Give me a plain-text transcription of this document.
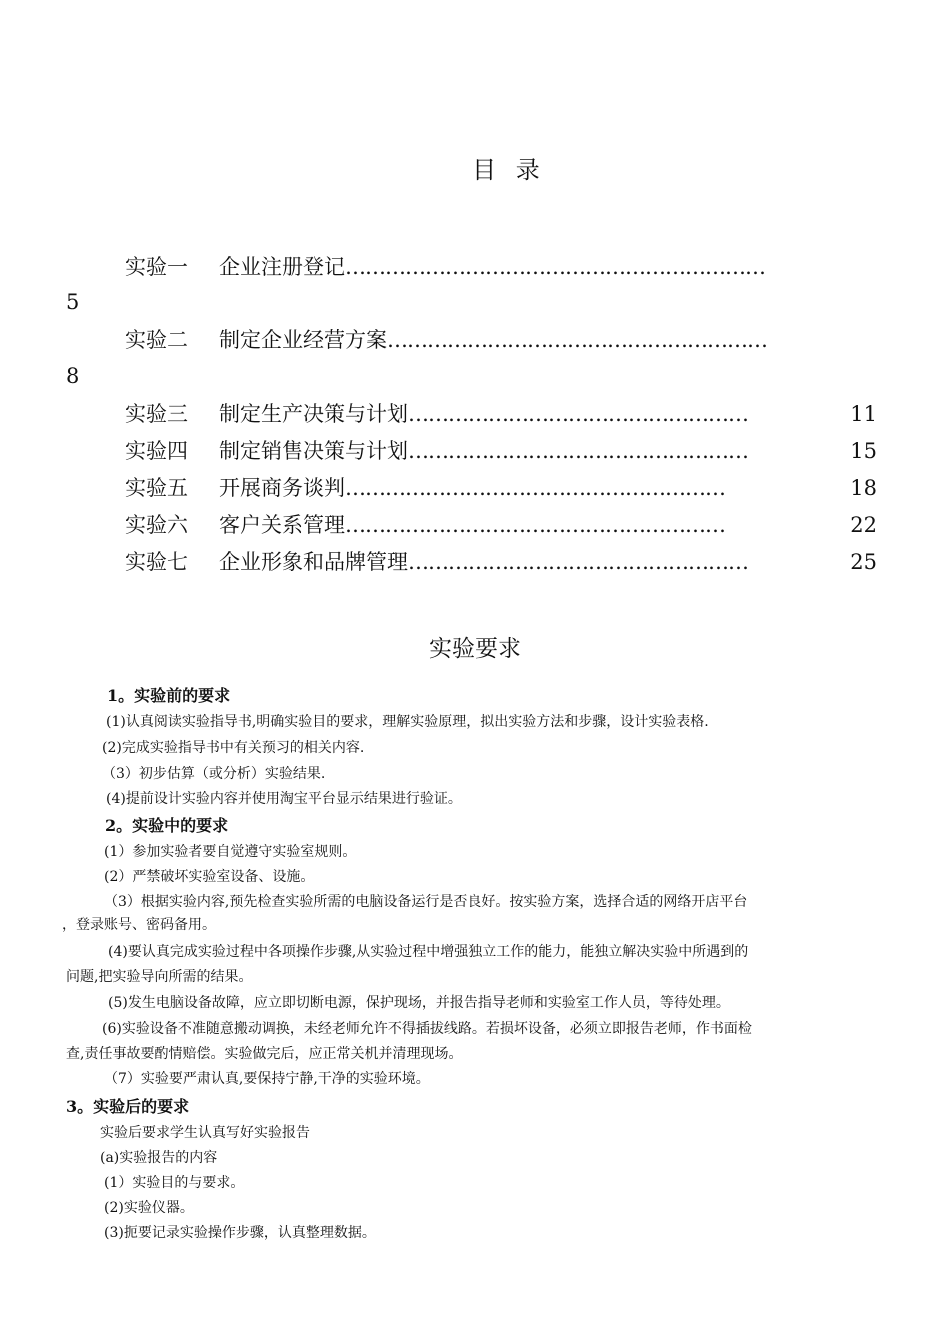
目 录
实验一	企业注册登记 ………………………………………………………
5
实验二	制定企业经营方案 …………………………………………………
8
实验三	制定生产决策与计划 ……………………………………………	11
实验四	制定销售决策与计划 ……………………………………………	15
实验五	开展商务谈判 …………………………………………………	18
实验六	客户关系管理 …………………………………………………	22
实验七	企业形象和品牌管理 ……………………………………………	25
实验要求
1。实验前的要求
(1)认真阅读实验指导书,明确实验目的要求，理解实验原理，拟出实验方法和步骤，设计实验表格.
(2)完成实验指导书中有关预习的相关内容.
（3）初步估算（或分析）实验结果.
(4)提前设计实验内容并使用淘宝平台显示结果进行验证。
2。实验中的要求
(1）参加实验者要自觉遵守实验室规则。
(2）严禁破坏实验室设备、设施。
（3）根据实验内容,预先检查实验所需的电脑设备运行是否良好。按实验方案，选择合适的网络开店平台
，登录账号、密码备用。
(4)要认真完成实验过程中各项操作步骤,从实验过程中增强独立工作的能力，能独立解决实验中所遇到的
问题,把实验导向所需的结果。
(5)发生电脑设备故障，应立即切断电源，保护现场，并报告指导老师和实验室工作人员，等待处理。
(6)实验设备不准随意搬动调换，未经老师允许不得插拔线路。若损坏设备，必须立即报告老师，作书面检
查,责任事故要酌情赔偿。实验做完后，应正常关机并清理现场。
（7）实验要严肃认真,要保持宁静,干净的实验环境。
3。实验后的要求
实验后要求学生认真写好实验报告
(a)实验报告的内容
(1）实验目的与要求。
(2)实验仪器。
(3)扼要记录实验操作步骤，认真整理数据。
